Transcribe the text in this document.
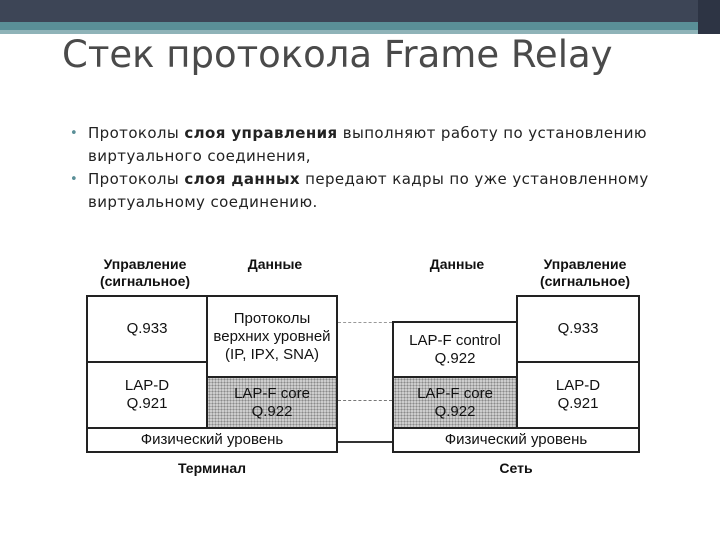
Стек протокола Frame Relay
• Протоколы слоя управления выполняют работу по установлению виртуального соединения,
• Протоколы слоя данных передают кадры по уже установленному виртуальному соединению.
Управление (сигнальное)
Данные
Q.933
Протоколы верхних уровней (IP, IPX, SNA)
LAP-D Q.921
LAP-F core Q.922
Физический уровень
Терминал
Данные	Управление (сигнальное)
LAP-F control Q.922
Q.933
LAP-F core Q.922
LAP-D Q.921
Физический уровень
Сеть
